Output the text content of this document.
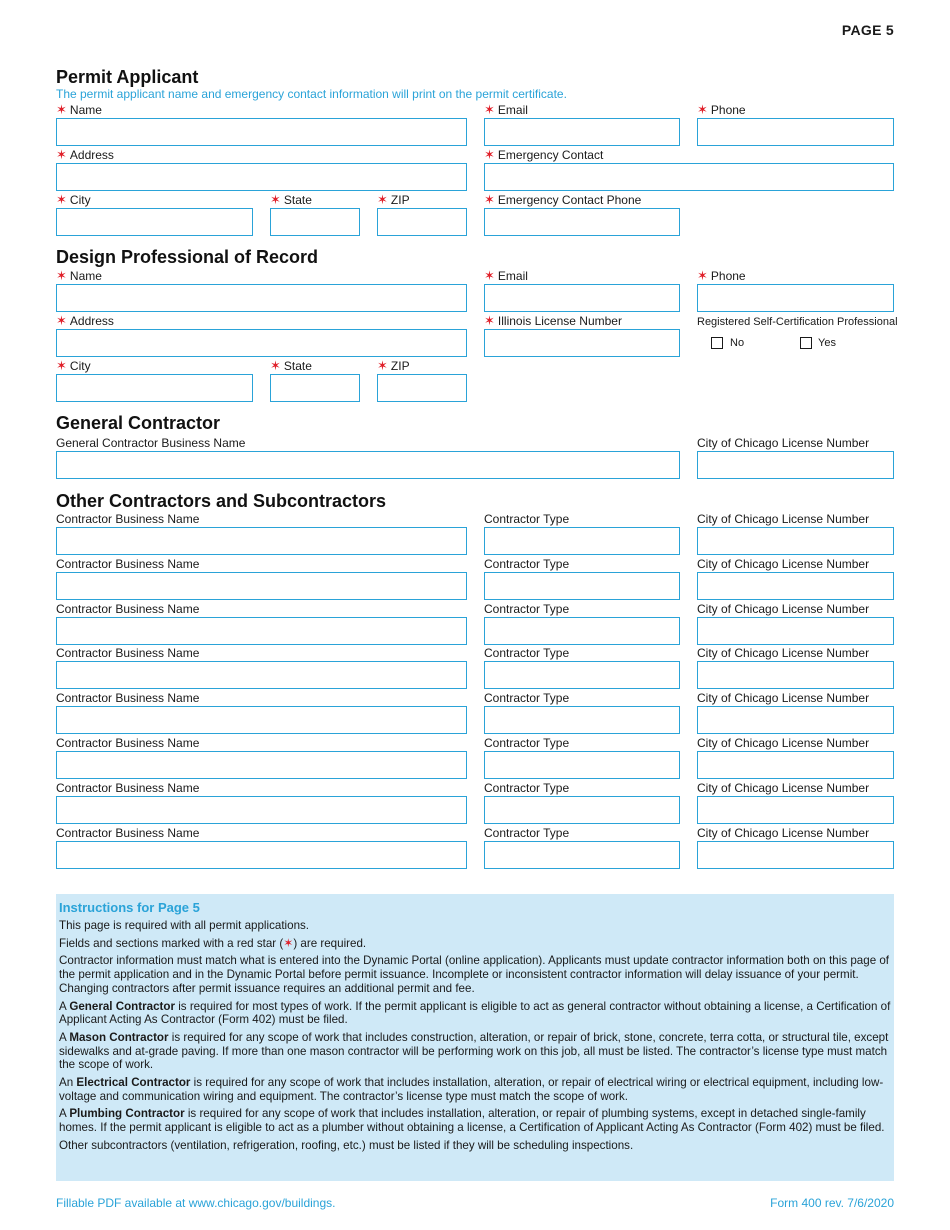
PAGE 5
Permit Applicant
The permit applicant name and emergency contact information will print on the permit certificate.
✶ Name	✶ Email	✶ Phone
✶ Address	✶ Emergency Contact
✶ City	✶ State	✶ ZIP	✶ Emergency Contact Phone
Design Professional of Record
✶ Name	✶ Email	✶ Phone
✶ Address	✶ Illinois License Number	Registered Self-Certification Professional
No	Yes
✶ City	✶ State	✶ ZIP
General Contractor
General Contractor Business Name	City of Chicago License Number
Other Contractors and Subcontractors
Contractor Business Name	Contractor Type	City of Chicago License Number
Contractor Business Name	Contractor Type	City of Chicago License Number
Contractor Business Name	Contractor Type	City of Chicago License Number
Contractor Business Name	Contractor Type	City of Chicago License Number
Contractor Business Name	Contractor Type	City of Chicago License Number
Contractor Business Name	Contractor Type	City of Chicago License Number
Contractor Business Name	Contractor Type	City of Chicago License Number
Contractor Business Name	Contractor Type	City of Chicago License Number
Instructions for Page 5

This page is required with all permit applications.

Fields and sections marked with a red star (✶) are required.

Contractor information must match what is entered into the Dynamic Portal (online application). Applicants must update contractor information both on this page of the permit application and in the Dynamic Portal before permit issuance. Incomplete or inconsistent contractor information will delay issuance of your permit. Changing contractors after permit issuance requires an additional permit and fee.

A General Contractor is required for most types of work. If the permit applicant is eligible to act as general contractor without obtaining a license, a Certification of Applicant Acting As Contractor (Form 402) must be filed.

A Mason Contractor is required for any scope of work that includes construction, alteration, or repair of brick, stone, concrete, terra cotta, or structural tile, except sidewalks and at-grade paving. If more than one mason contractor will be performing work on this job, all must be listed. The contractor’s license type must match the scope of work.

An Electrical Contractor is required for any scope of work that includes installation, alteration, or repair of electrical wiring or electrical equipment, including low-voltage and communication wiring and equipment. The contractor’s license type must match the scope of work.

A Plumbing Contractor is required for any scope of work that includes installation, alteration, or repair of plumbing systems, except in detached single-family homes. If the permit applicant is eligible to act as a plumber without obtaining a license, a Certification of Applicant Acting As Contractor (Form 402) must be filed.

Other subcontractors (ventilation, refrigeration, roofing, etc.) must be listed if they will be scheduling inspections.

Fillable PDF available at www.chicago.gov/buildings.	Form 400 rev. 7/6/2020
